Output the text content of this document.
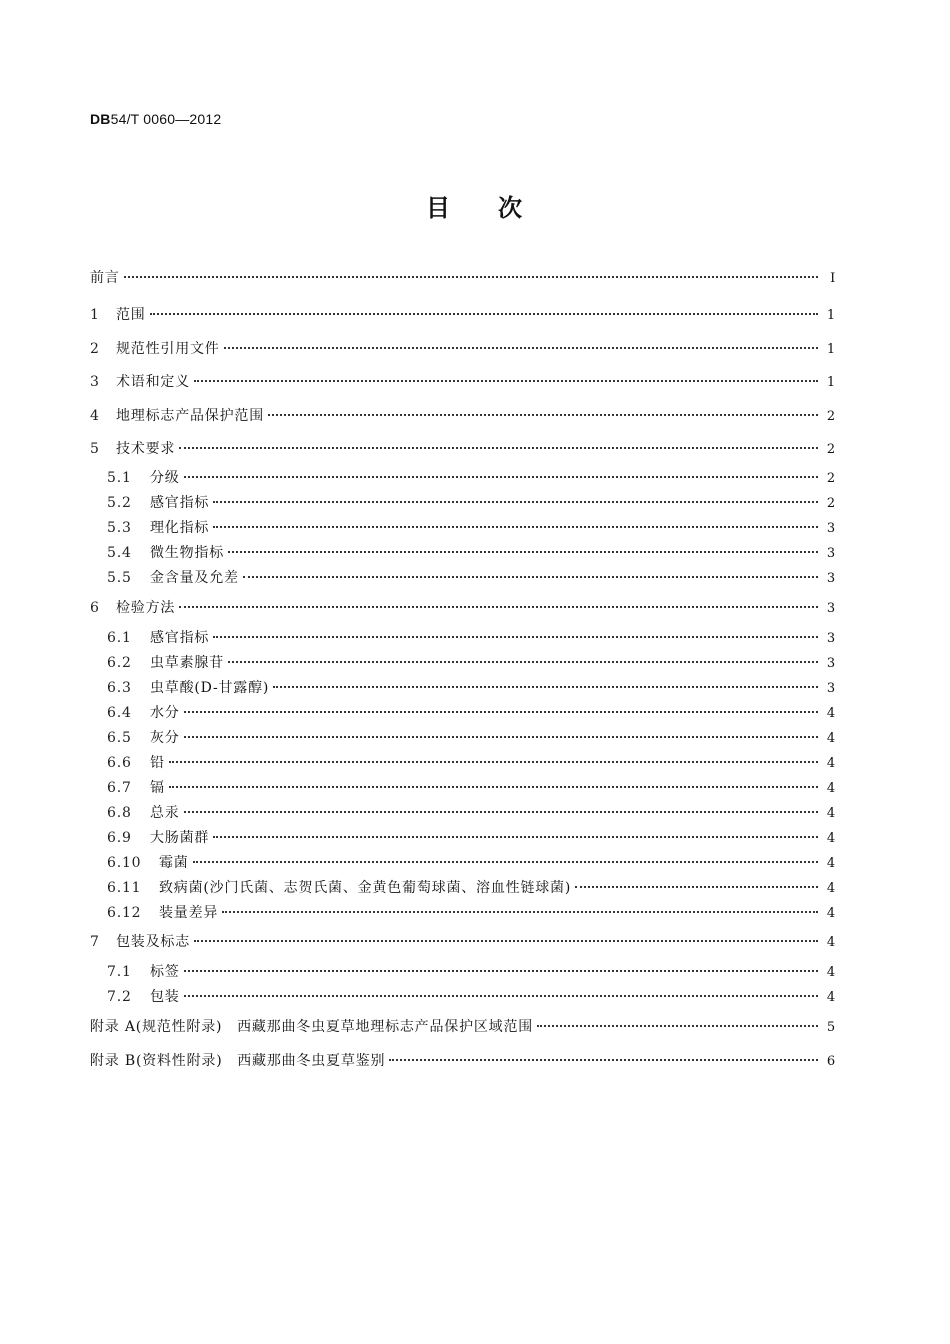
DB54/T 0060—2012
目 次
前言	Ⅰ
1	范围	1
2	规范性引用文件	1
3	术语和定义	1
4	地理标志产品保护范围	2
5	技术要求	2
5.1	分级	2
5.2	感官指标	2
5.3	理化指标	3
5.4	微生物指标	3
5.5	金含量及允差	3
6	检验方法	3
6.1	感官指标	3
6.2	虫草素腺苷	3
6.3	虫草酸(D-甘露醇)	3
6.4	水分	4
6.5	灰分	4
6.6	铅	4
6.7	镉	4
6.8	总汞	4
6.9	大肠菌群	4
6.10	霉菌	4
6.11	致病菌(沙门氏菌、志贺氏菌、金黄色葡萄球菌、溶血性链球菌)	4
6.12	装量差异	4
7	包装及标志	4
7.1	标签	4
7.2	包装	4
附录 A(规范性附录)　西藏那曲冬虫夏草地理标志产品保护区域范围	5
附录 B(资料性附录)　西藏那曲冬虫夏草鉴别	6
